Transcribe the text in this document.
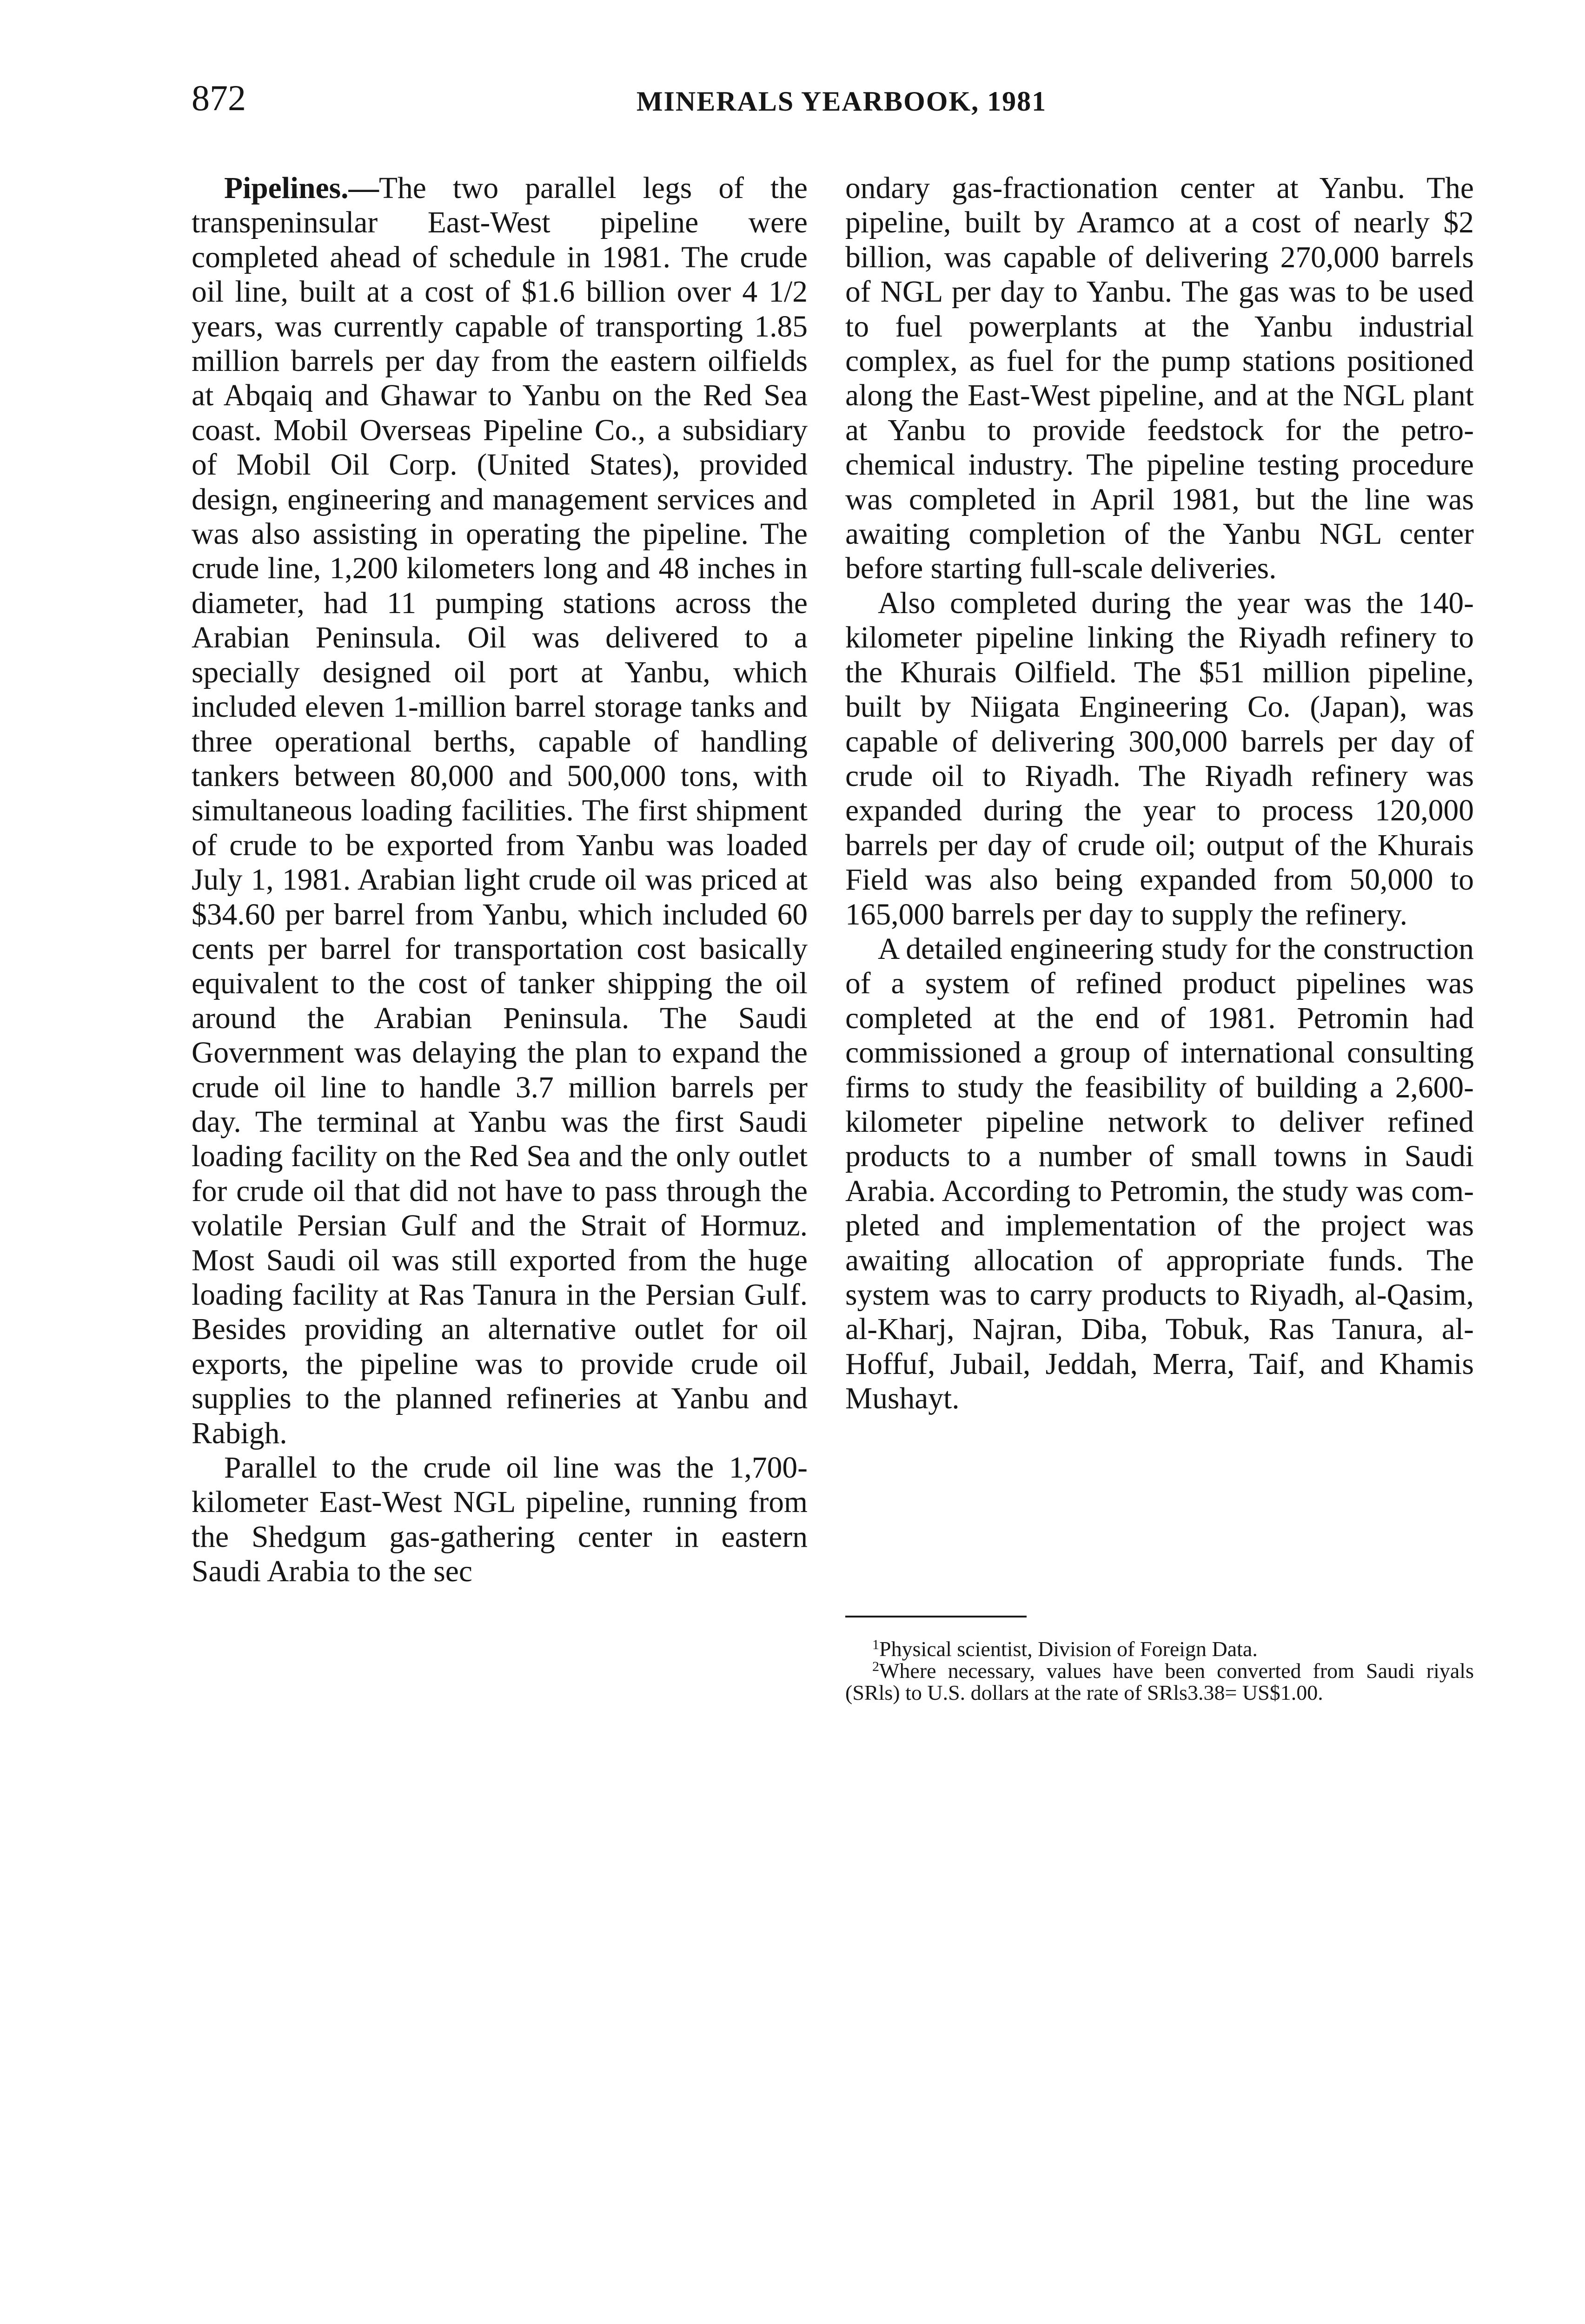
872	MINERALS YEARBOOK, 1981

Pipelines.—The two parallel legs of the transpeninsular East-West pipeline were completed ahead of schedule in 1981. The crude oil line, built at a cost of $1.6 billion over 4 1/2 years, was currently capable of transporting 1.85 million barrels per day from the eastern oilfields at Abqaiq and Ghawar to Yanbu on the Red Sea coast. Mobil Overseas Pipeline Co., a subsidiary of Mobil Oil Corp. (United States), provided design, engineering and management services and was also assisting in operating the pipeline. The crude line, 1,200 kilometers long and 48 inches in diameter, had 11 pumping stations across the Arabian Peninsula. Oil was delivered to a specially designed oil port at Yanbu, which included eleven 1-million barrel storage tanks and three operational berths, capable of handling tankers between 80,000 and 500,000 tons, with simultaneous loading facilities. The first shipment of crude to be exported from Yanbu was loaded July 1, 1981. Arabian light crude oil was priced at $34.60 per barrel from Yanbu, which included 60 cents per barrel for transportation cost basically equivalent to the cost of tanker shipping the oil around the Arabian Peninsula. The Saudi Government was delaying the plan to expand the crude oil line to handle 3.7 million barrels per day. The terminal at Yanbu was the first Saudi loading facility on the Red Sea and the only outlet for crude oil that did not have to pass through the volatile Persian Gulf and the Strait of Hormuz. Most Saudi oil was still exported from the huge loading facility at Ras Tanura in the Persian Gulf. Besides providing an alternative outlet for oil exports, the pipeline was to provide crude oil supplies to the planned refineries at Yanbu and Rabigh.

Parallel to the crude oil line was the 1,700-kilometer East-West NGL pipeline, running from the Shedgum gas-gathering center in eastern Saudi Arabia to the sec

ondary gas-fractionation center at Yanbu. The pipeline, built by Aramco at a cost of nearly $2 billion, was capable of delivering 270,000 barrels of NGL per day to Yanbu. The gas was to be used to fuel powerplants at the Yanbu industrial complex, as fuel for the pump stations positioned along the East-West pipeline, and at the NGL plant at Yanbu to provide feedstock for the petrochemical industry. The pipeline testing procedure was completed in April 1981, but the line was awaiting completion of the Yanbu NGL center before starting full-scale deliveries.

Also completed during the year was the 140-kilometer pipeline linking the Riyadh refinery to the Khurais Oilfield. The $51 million pipeline, built by Niigata Engineering Co. (Japan), was capable of delivering 300,000 barrels per day of crude oil to Riyadh. The Riyadh refinery was expanded during the year to process 120,000 barrels per day of crude oil; output of the Khurais Field was also being expanded from 50,000 to 165,000 barrels per day to supply the refinery.

A detailed engineering study for the construction of a system of refined product pipelines was completed at the end of 1981. Petromin had commissioned a group of international consulting firms to study the feasibility of building a 2,600-kilometer pipeline network to deliver refined products to a number of small towns in Saudi Arabia. According to Petromin, the study was completed and implementation of the project was awaiting allocation of appropriate funds. The system was to carry products to Riyadh, al-Qasim, al-Kharj, Najran, Diba, Tobuk, Ras Tanura, al-Hoffuf, Jubail, Jeddah, Merra, Taif, and Khamis Mushayt.

$^1$Physical scientist, Division of Foreign Data.

$^2$Where necessary, values have been converted from Saudi riyals (SRls) to U.S. dollars at the rate of SRls3.38= US$1.00.
